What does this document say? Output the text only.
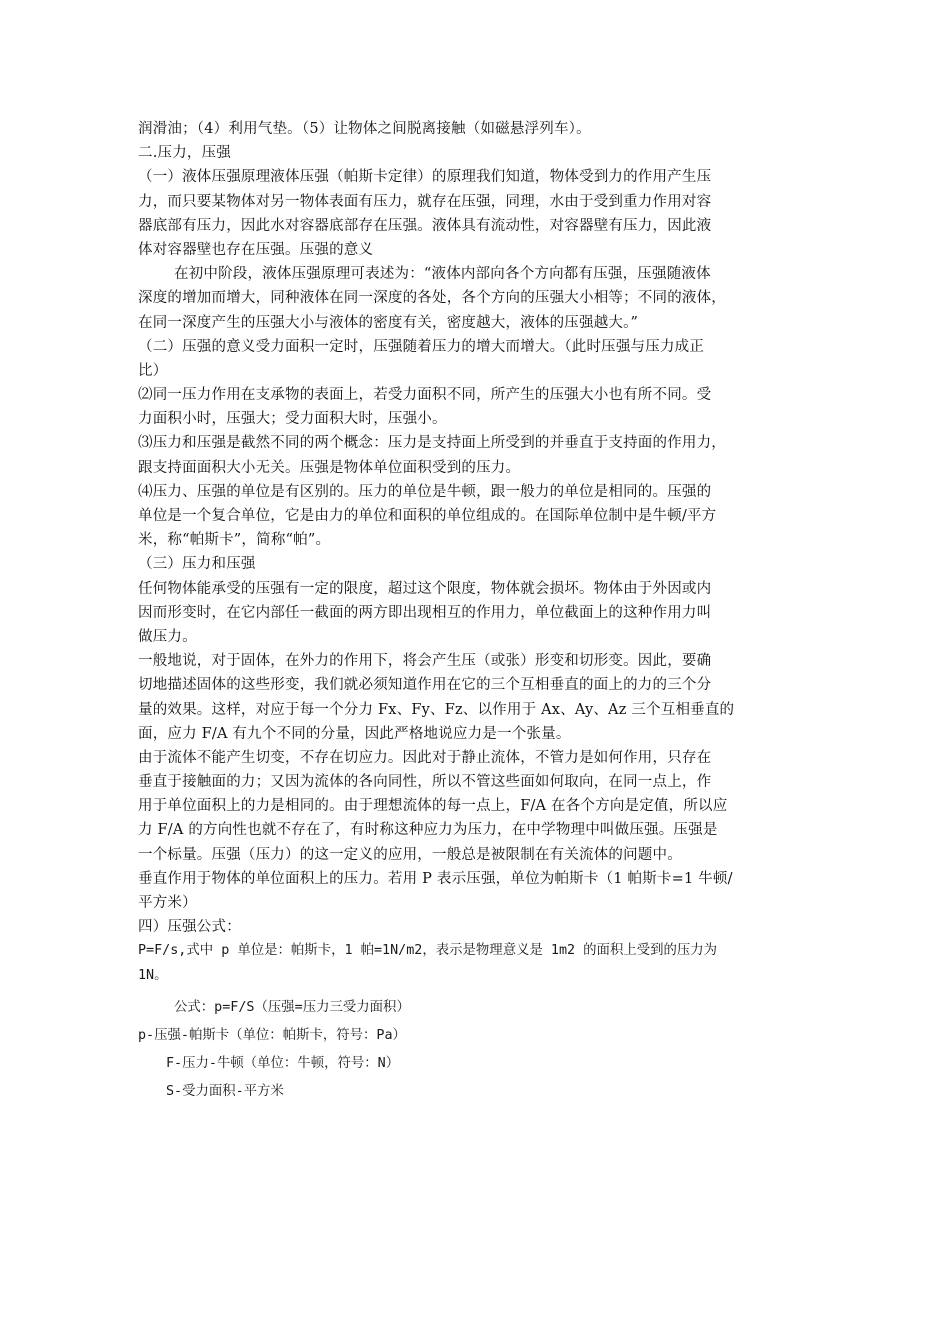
润滑油；（4）利用气垫。（5）让物体之间脱离接触（如磁悬浮列车）。
二.压力，压强
（一）液体压强原理液体压强（帕斯卡定律）的原理我们知道，物体受到力的作用产生压
力，而只要某物体对另一物体表面有压力，就存在压强，同理，水由于受到重力作用对容
器底部有压力，因此水对容器底部存在压强。液体具有流动性，对容器壁有压力，因此液
体对容器壁也存在压强。压强的意义
在初中阶段，液体压强原理可表述为：“液体内部向各个方向都有压强，压强随液体
深度的增加而增大，同种液体在同一深度的各处，各个方向的压强大小相等；不同的液体，
在同一深度产生的压强大小与液体的密度有关，密度越大，液体的压强越大。”
（二）压强的意义受力面积一定时，压强随着压力的增大而增大。（此时压强与压力成正
比）
⑵同一压力作用在支承物的表面上，若受力面积不同，所产生的压强大小也有所不同。受
力面积小时，压强大；受力面积大时，压强小。
⑶压力和压强是截然不同的两个概念：压力是支持面上所受到的并垂直于支持面的作用力，
跟支持面面积大小无关。压强是物体单位面积受到的压力。
⑷压力、压强的单位是有区别的。压力的单位是牛顿，跟一般力的单位是相同的。压强的
单位是一个复合单位，它是由力的单位和面积的单位组成的。在国际单位制中是牛顿/平方
米，称“帕斯卡”，简称“帕”。
（三）压力和压强
任何物体能承受的压强有一定的限度，超过这个限度，物体就会损坏。物体由于外因或内
因而形变时，在它内部任一截面的两方即出现相互的作用力，单位截面上的这种作用力叫
做压力。
一般地说，对于固体，在外力的作用下，将会产生压（或张）形变和切形变。因此，要确
切地描述固体的这些形变，我们就必须知道作用在它的三个互相垂直的面上的力的三个分
量的效果。这样，对应于每一个分力 Fx、Fy、Fz、以作用于 Ax、Ay、Az 三个互相垂直的
面，应力 F/A 有九个不同的分量，因此严格地说应力是一个张量。
由于流体不能产生切变，不存在切应力。因此对于静止流体，不管力是如何作用，只存在
垂直于接触面的力；又因为流体的各向同性，所以不管这些面如何取向，在同一点上，作
用于单位面积上的力是相同的。由于理想流体的每一点上，F/A 在各个方向是定值，所以应
力 F/A 的方向性也就不存在了，有时称这种应力为压力，在中学物理中叫做压强。压强是
一个标量。压强（压力）的这一定义的应用，一般总是被限制在有关流体的问题中。
垂直作用于物体的单位面积上的压力。若用 P 表示压强，单位为帕斯卡（1 帕斯卡=1 牛顿/
平方米）
四）压强公式：
P=F/s,式中 p 单位是：帕斯卡，1 帕=1N/m2，表示是物理意义是 1m2 的面积上受到的压力为
1N。
公式：p=F/S（压强=压力三受力面积）
p-压强-帕斯卡（单位：帕斯卡，符号：Pa）
F-压力-牛顿（单位：牛顿，符号：N）
S-受力面积-平方米
